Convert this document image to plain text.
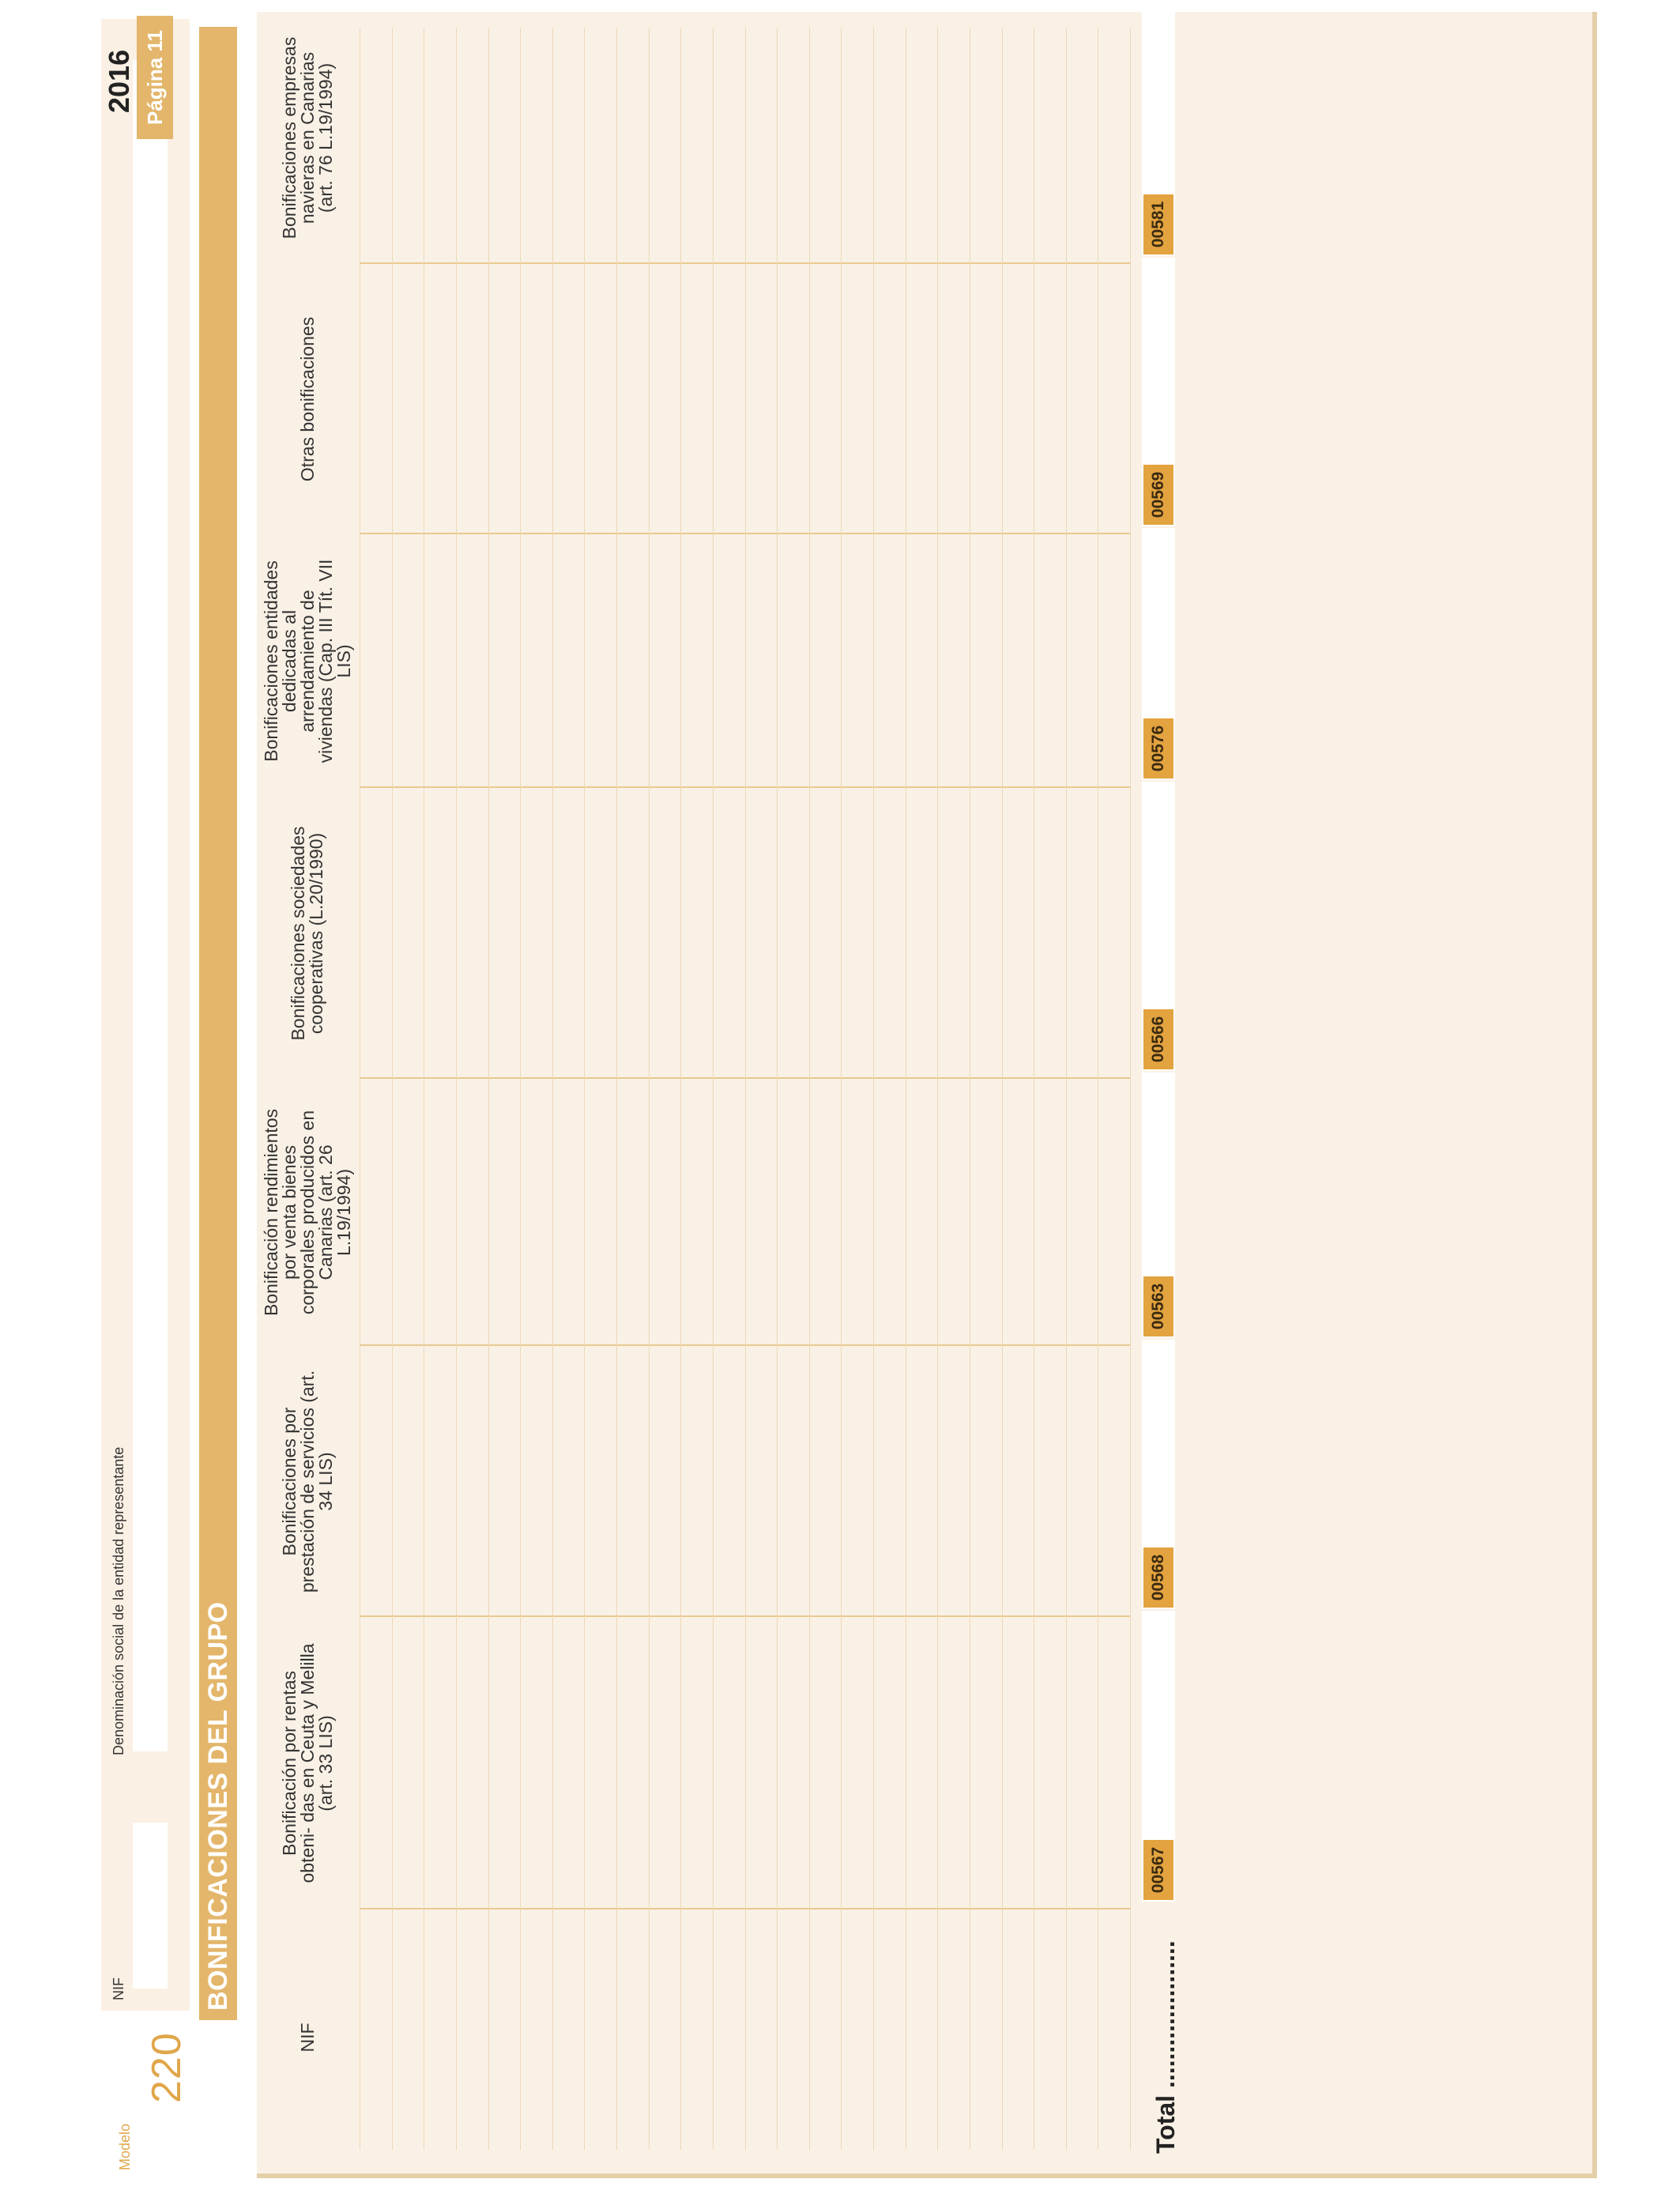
Modelo
220
NIF
Denominación social de la entidad representante
2016 Página 11
BONIFICACIONES DEL GRUPO
NIF
Bonificación por rentas obteni- das en Ceuta y Melilla (art. 33 LIS)
Bonificaciones por prestación de servicios (art. 34 LIS)
Bonificación rendimientos por venta bienes corporales producidos en Canarias (art. 26 L.19/1994)
Bonificaciones sociedades cooperativas (L.20/1990)
Bonificaciones entidades dedicadas al arrendamiento de viviendas (Cap. III Tít. VII LIS)
Otras bonificaciones
Bonificaciones empresas navieras en Canarias (art. 76 L.19/1994)
Total .....................
00567
00568
00563
00566
00576
00569
00581
